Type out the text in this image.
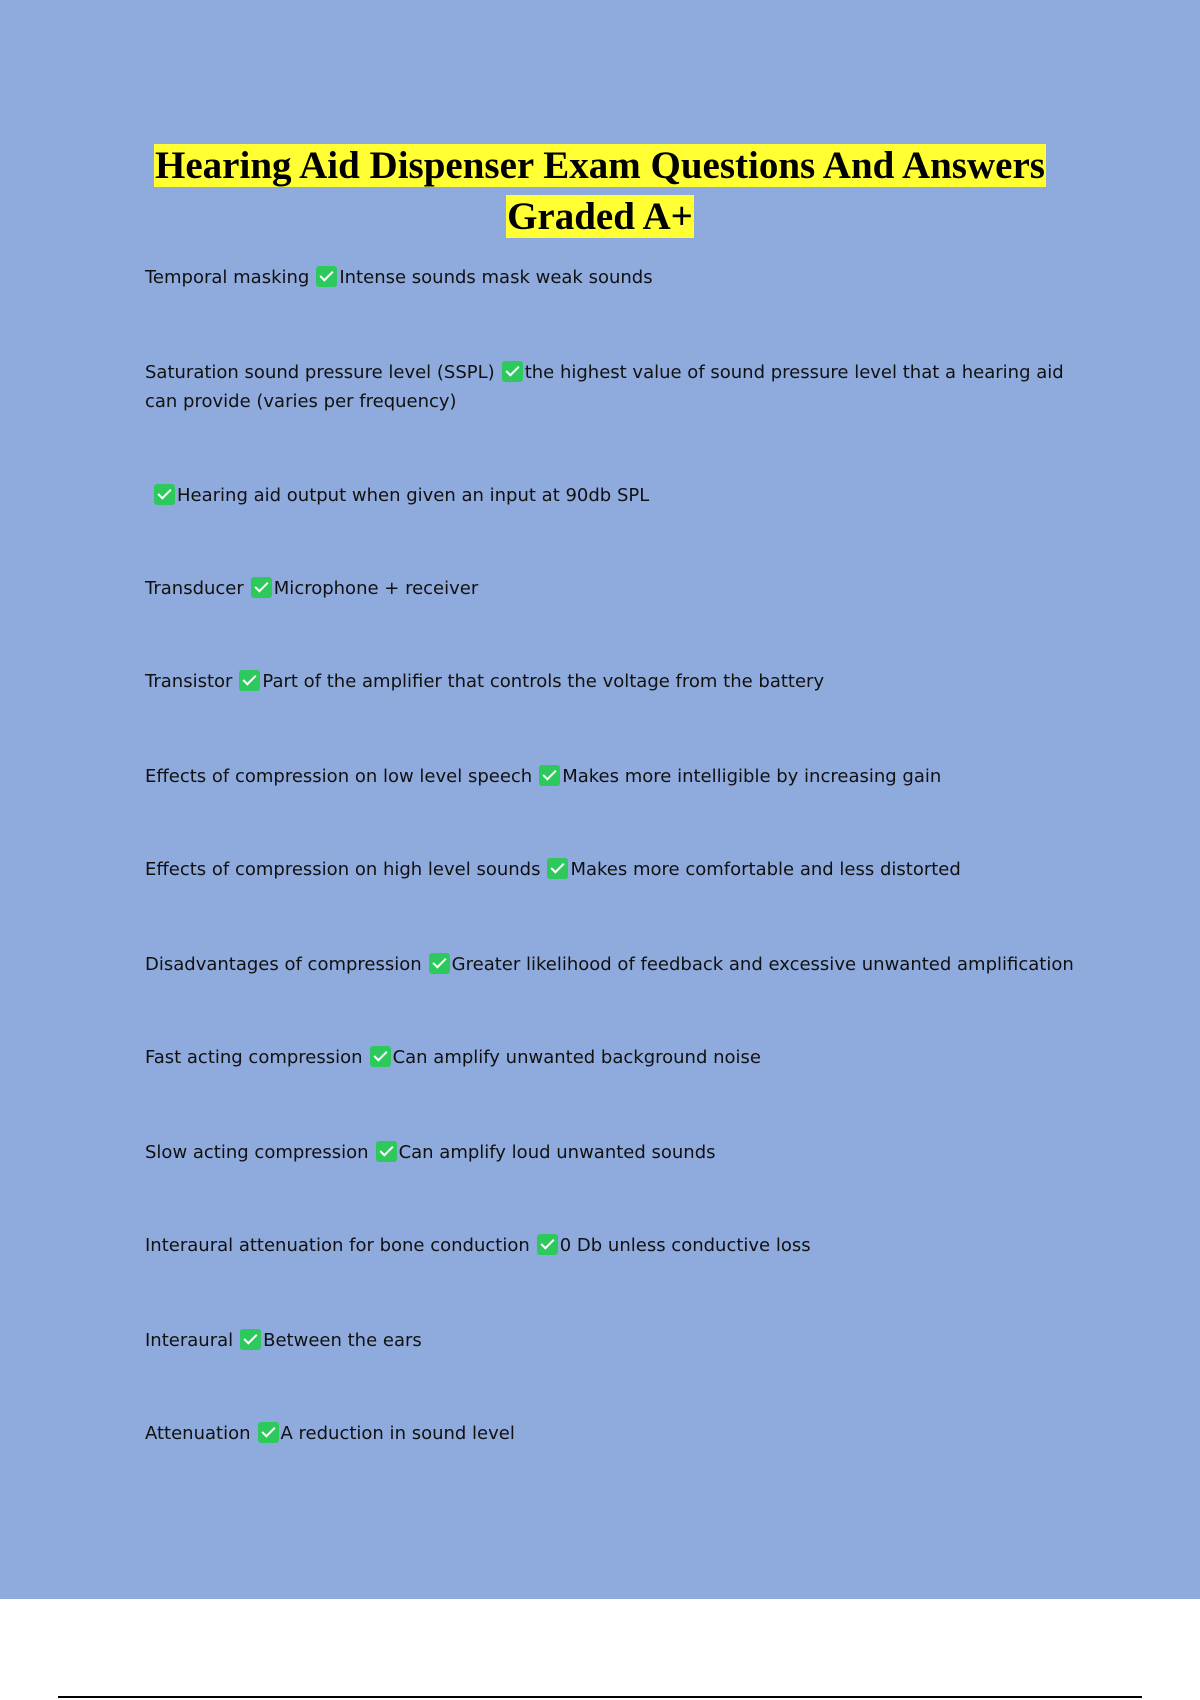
Hearing Aid Dispenser Exam Questions And Answers
Graded A+
Temporal masking Intense sounds mask weak sounds
Saturation sound pressure level (SSPL) the highest value of sound pressure level that a hearing aid can provide (varies per frequency)
Hearing aid output when given an input at 90db SPL
Transducer Microphone + receiver
Transistor Part of the amplifier that controls the voltage from the battery
Effects of compression on low level speech Makes more intelligible by increasing gain
Effects of compression on high level sounds Makes more comfortable and less distorted
Disadvantages of compression Greater likelihood of feedback and excessive unwanted amplification
Fast acting compression Can amplify unwanted background noise
Slow acting compression Can amplify loud unwanted sounds
Interaural attenuation for bone conduction 0 Db unless conductive loss
Interaural Between the ears
Attenuation A reduction in sound level
